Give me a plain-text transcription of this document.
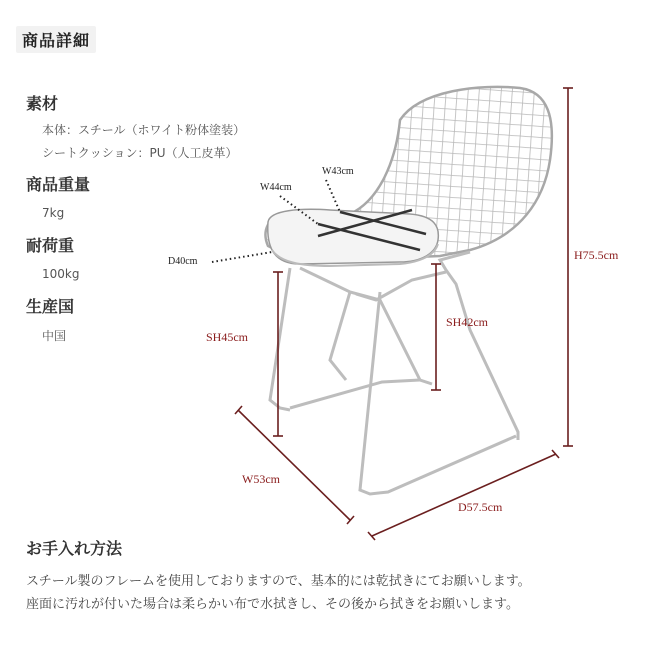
商品詳細
素材
本体：スチール（ホワイト粉体塗装）
シートクッション：PU（人工皮革）
商品重量
7kg
耐荷重
100kg
生産国
中国
W43cm
W44cm
D40cm	H75.5cm
SH45cm
SH42cm
W53cm
D57.5cm
お手入れ方法
スチール製のフレームを使用しておりますので、基本的には乾拭きにてお願いします。
座面に汚れが付いた場合は柔らかい布で水拭きし、その後から拭きをお願いします。
